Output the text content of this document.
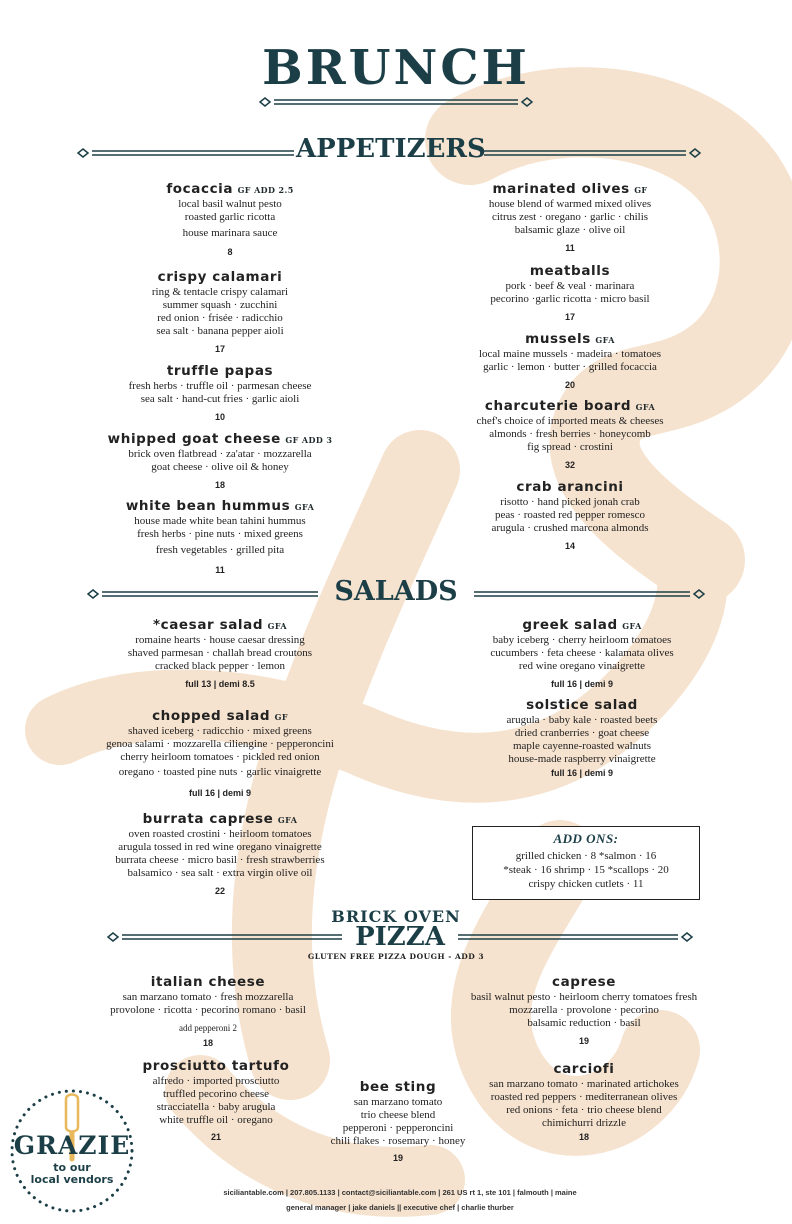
BRUNCH
APPETIZERS
focaccia GF ADD 2.5
local basil walnut pesto
roasted garlic ricotta
house marinara sauce
8
crispy calamari
ring & tentacle crispy calamari
summer squash · zucchini
red onion · frisée · radicchio
sea salt · banana pepper aioli
17
truffle papas
fresh herbs · truffle oil · parmesan cheese
sea salt · hand-cut fries · garlic aioli
10
whipped goat cheese GF ADD 3
brick oven flatbread · za'atar · mozzarella
goat cheese · olive oil & honey
18
white bean hummus GFA
house made white bean tahini hummus
fresh herbs · pine nuts · mixed greens
fresh vegetables · grilled pita
11
marinated olives GF
house blend of warmed mixed olives
citrus zest · oregano · garlic · chilis
balsamic glaze · olive oil
11
meatballs
pork · beef & veal · marinara
pecorino ·garlic ricotta · micro basil
17
mussels GFA
local maine mussels · madeira · tomatoes
garlic · lemon · butter · grilled focaccia
20
charcuterie board GFA
chef's choice of imported meats & cheeses
almonds · fresh berries · honeycomb
fig spread · crostini
32
crab arancini
risotto · hand picked jonah crab
peas · roasted red pepper romesco
arugula · crushed marcona almonds
14
SALADS
*caesar salad GFA
romaine hearts · house caesar dressing
shaved parmesan · challah bread croutons
cracked black pepper · lemon
full 13 | demi 8.5
chopped salad GF
shaved iceberg · radicchio · mixed greens
genoa salami · mozzarella ciliengine · pepperoncini
cherry heirloom tomatoes · pickled red onion
oregano · toasted pine nuts · garlic vinaigrette
full 16 | demi 9
burrata caprese GFA
oven roasted crostini · heirloom tomatoes
arugula tossed in red wine oregano vinaigrette
burrata cheese · micro basil · fresh strawberries
balsamico · sea salt · extra virgin olive oil
22
greek salad GFA
baby iceberg · cherry heirloom tomatoes
cucumbers · feta cheese · kalamata olives
red wine oregano vinaigrette
full 16 | demi 9
solstice salad
arugula · baby kale · roasted beets
dried cranberries · goat cheese
maple cayenne-roasted walnuts
house-made raspberry vinaigrette
full 16 | demi 9
ADD ONS:
grilled chicken · 8 *salmon · 16
*steak · 16 shrimp · 15 *scallops · 20
crispy chicken cutlets · 11
BRICK OVEN
PIZZA
GLUTEN FREE PIZZA DOUGH - ADD 3
italian cheese
san marzano tomato · fresh mozzarella
provolone · ricotta · pecorino romano · basil
add pepperoni 2
18
prosciutto tartufo
alfredo · imported prosciutto
truffled pecorino cheese
stracciatella · baby arugula
white truffle oil · oregano
21
bee sting
san marzano tomato
trio cheese blend
pepperoni · pepperoncini
chili flakes · rosemary · honey
19
caprese
basil walnut pesto · heirloom cherry tomatoes fresh
mozzarella · provolone · pecorino
balsamic reduction · basil
19
carciofi
san marzano tomato · marinated artichokes
roasted red peppers · mediterranean olives
red onions · feta · trio cheese blend
chimichurri drizzle
18
GRAZIE
to our
local vendors
siciliantable.com | 207.805.1133 | contact@siciliantable.com | 261 US rt 1, ste 101 | falmouth | maine
general manager | jake daniels || executive chef | charlie thurber
